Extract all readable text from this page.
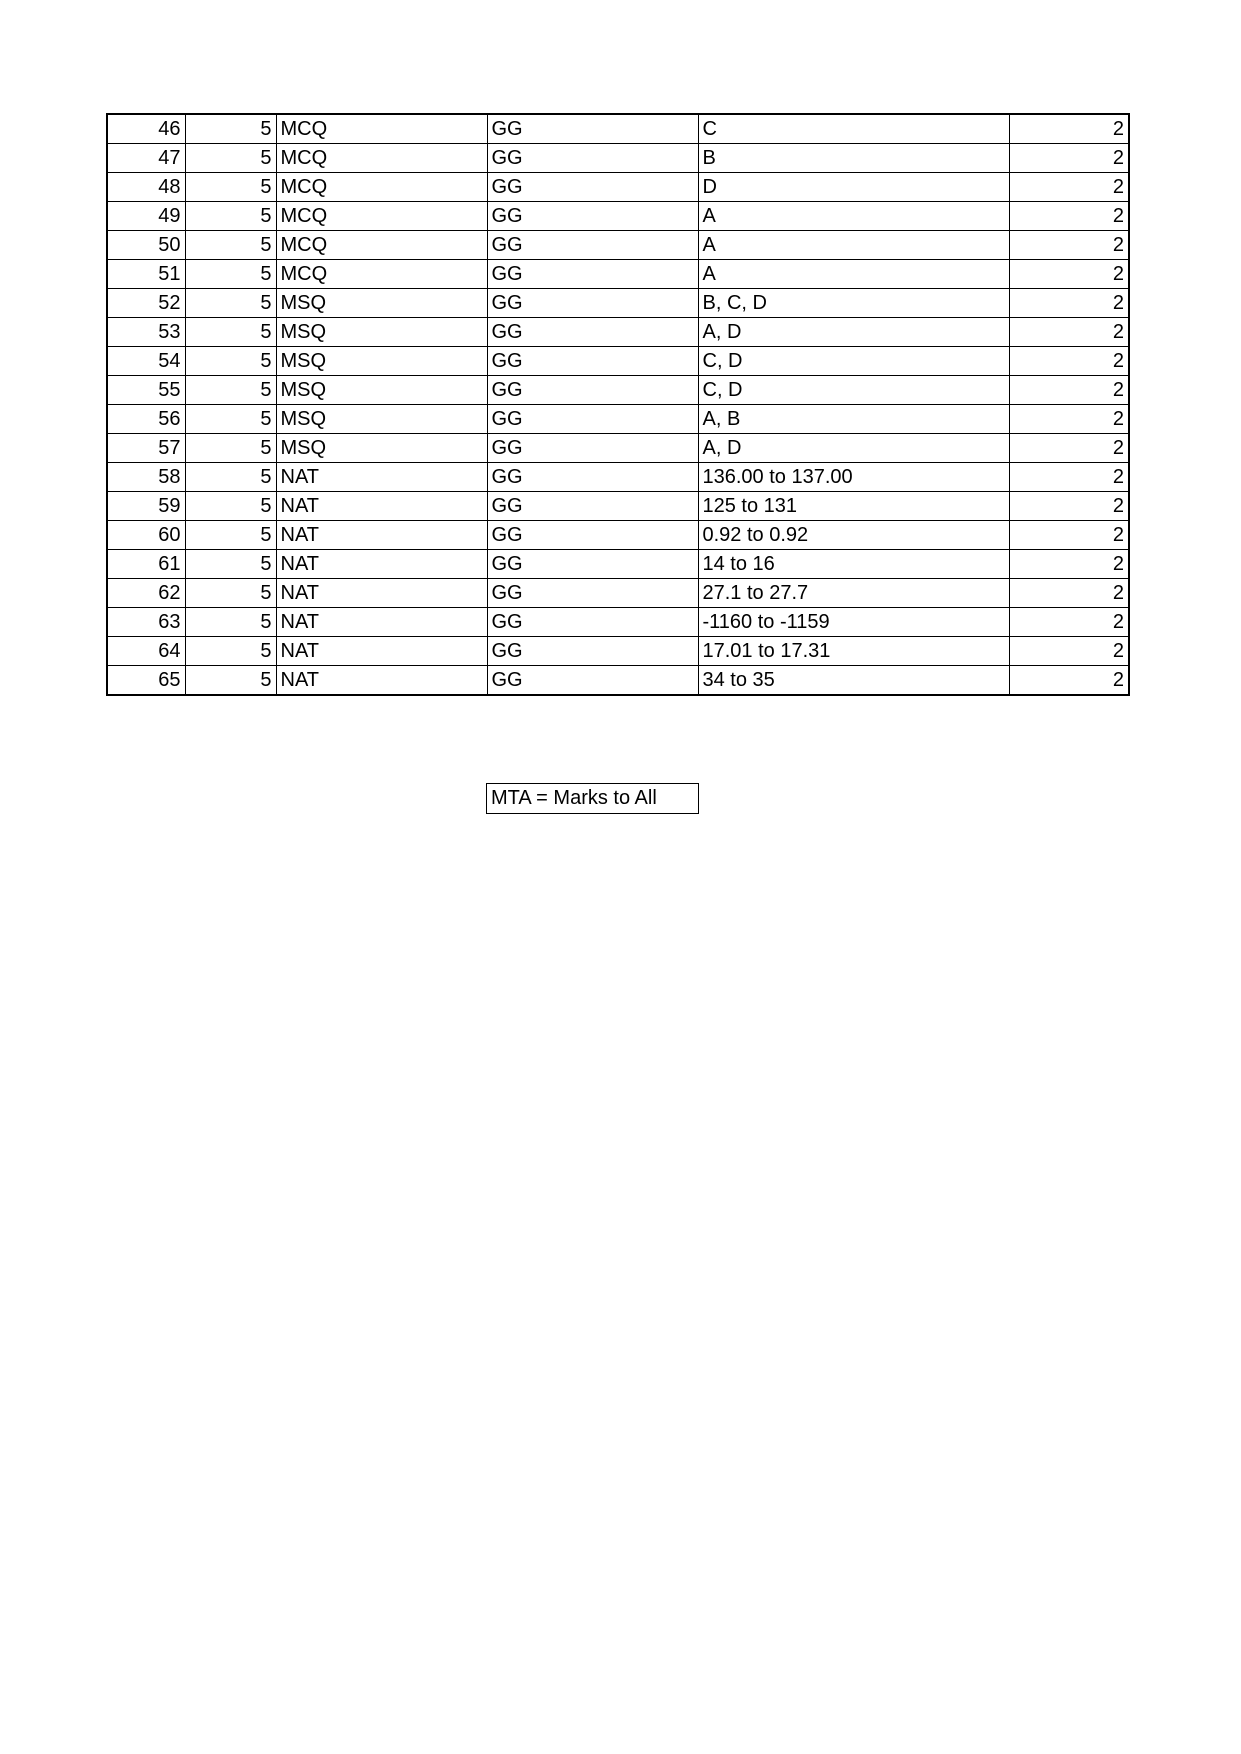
46	5	MCQ	GG	C	2
47	5	MCQ	GG	B	2
48	5	MCQ	GG	D	2
49	5	MCQ	GG	A	2
50	5	MCQ	GG	A	2
51	5	MCQ	GG	A	2
52	5	MSQ	GG	B, C, D	2
53	5	MSQ	GG	A, D	2
54	5	MSQ	GG	C, D	2
55	5	MSQ	GG	C, D	2
56	5	MSQ	GG	A, B	2
57	5	MSQ	GG	A, D	2
58	5	NAT	GG	136.00 to 137.00	2
59	5	NAT	GG	125 to 131	2
60	5	NAT	GG	0.92 to 0.92	2
61	5	NAT	GG	14 to 16	2
62	5	NAT	GG	27.1 to 27.7	2
63	5	NAT	GG	-1160 to -1159	2
64	5	NAT	GG	17.01 to 17.31	2
65	5	NAT	GG	34 to 35	2
MTA = Marks to All
